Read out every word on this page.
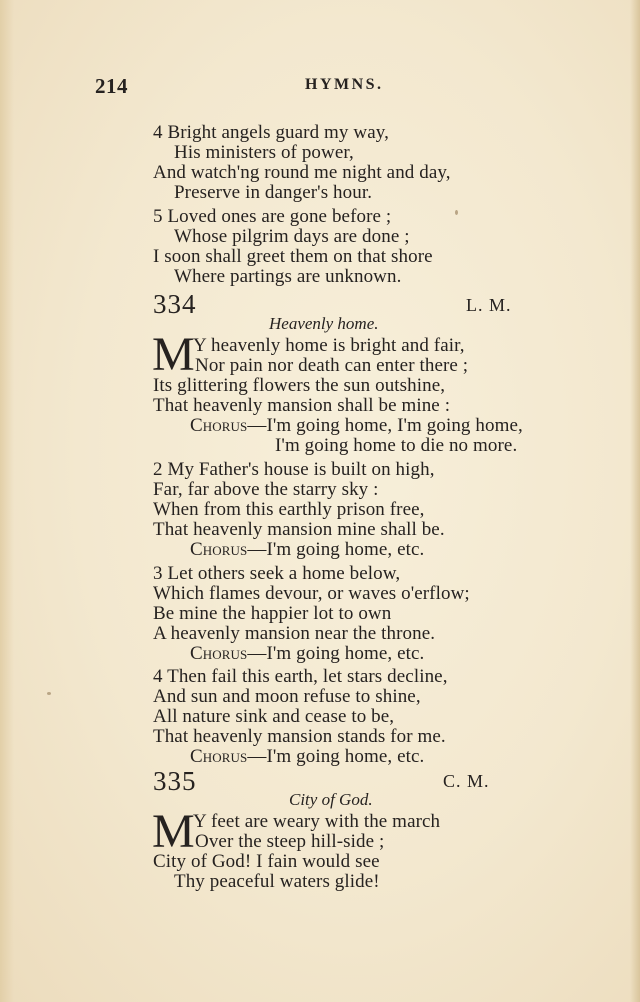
214	HYMNS.
4 Bright angels guard my way,
His ministers of power,
And watch'ng round me night and day,
Preserve in danger's hour.
5 Loved ones are gone before ;
Whose pilgrim days are done ;
I soon shall greet them on that shore
Where partings are unknown.
334	L. M.
Heavenly home.
M
Y heavenly home is bright and fair,
Nor pain nor death can enter there ;
Its glittering flowers the sun outshine,
That heavenly mansion shall be mine :
Chorus—I'm going home, I'm going home,
I'm going home to die no more.
2 My Father's house is built on high,
Far, far above the starry sky :
When from this earthly prison free,
That heavenly mansion mine shall be.
Chorus—I'm going home, etc.
3 Let others seek a home below,
Which flames devour, or waves o'erflow;
Be mine the happier lot to own
A heavenly mansion near the throne.
Chorus—I'm going home, etc.
4 Then fail this earth, let stars decline,
And sun and moon refuse to shine,
All nature sink and cease to be,
That heavenly mansion stands for me.
Chorus—I'm going home, etc.
335	C. M.
City of God.
M
Y feet are weary with the march
Over the steep hill-side ;
City of God! I fain would see
Thy peaceful waters glide!
